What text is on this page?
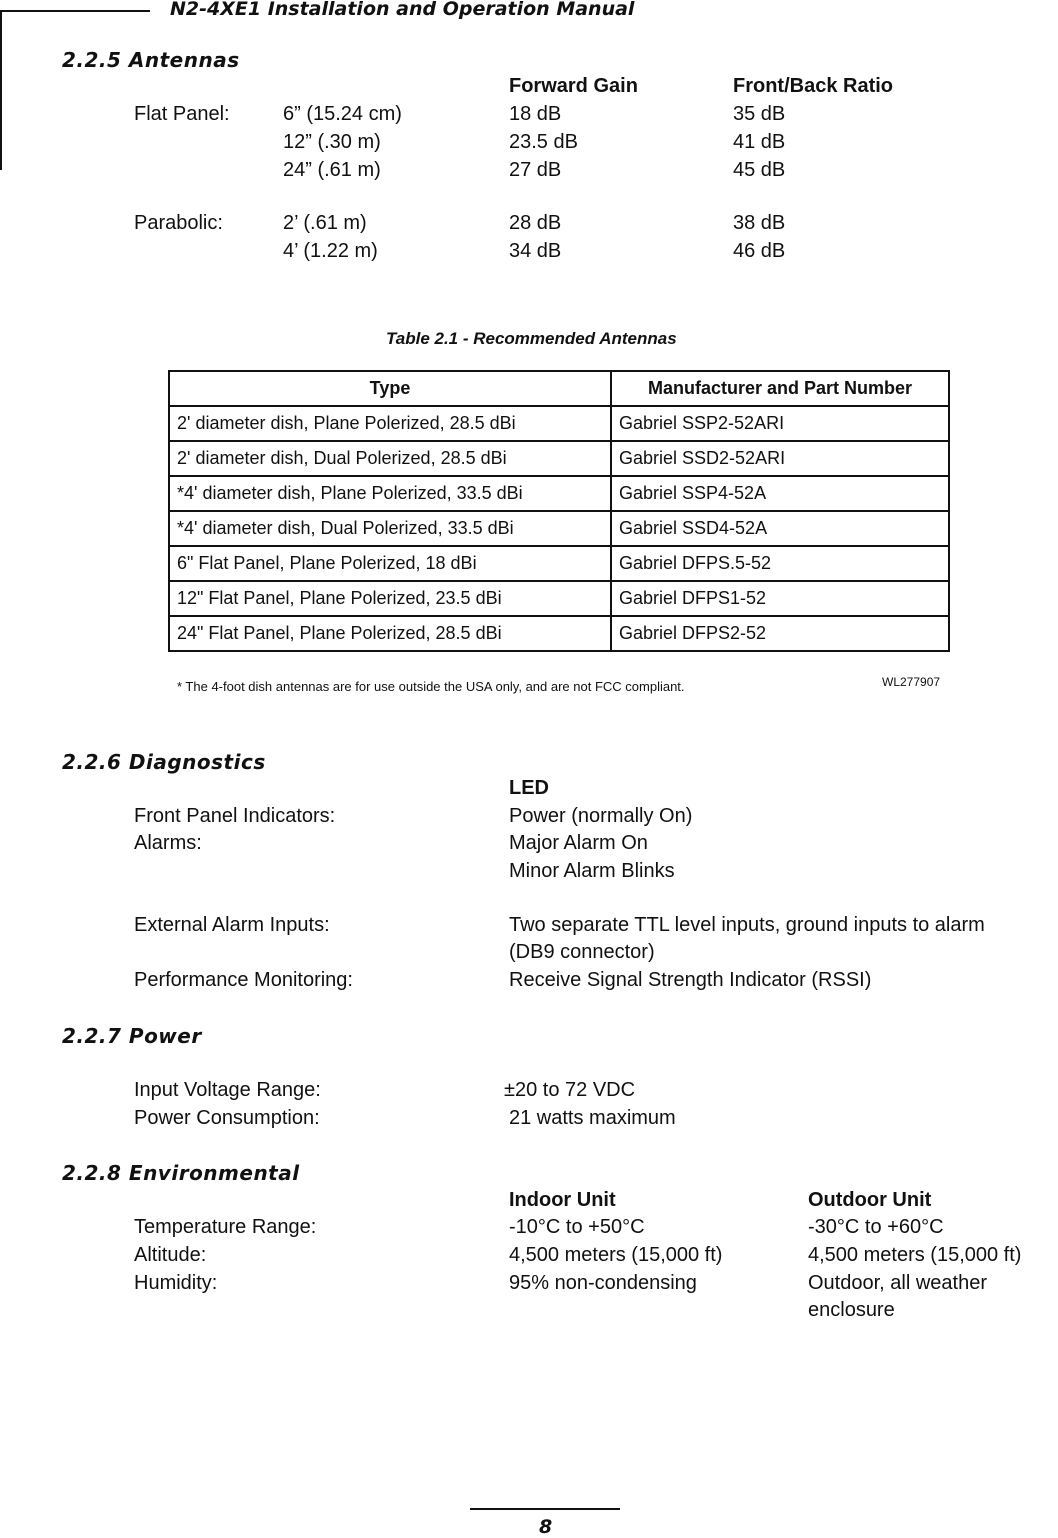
N2-4XE1 Installation and Operation Manual
2.2.5 Antennas
Forward Gain	Front/Back Ratio
Flat Panel:	6” (15.24 cm)	18 dB	35 dB
12” (.30 m)	23.5 dB	41 dB
24” (.61 m)	27 dB	45 dB
Parabolic:	2’ (.61 m)	28 dB	38 dB
4’ (1.22 m)	34 dB	46 dB
Table 2.1 - Recommended Antennas
Type	Manufacturer and Part Number
2' diameter dish, Plane Polerized, 28.5 dBi	Gabriel SSP2-52ARI
2' diameter dish, Dual Polerized, 28.5 dBi	Gabriel SSD2-52ARI
*4' diameter dish, Plane Polerized, 33.5 dBi	Gabriel SSP4-52A
*4' diameter dish, Dual Polerized, 33.5 dBi	Gabriel SSD4-52A
6" Flat Panel, Plane Polerized, 18 dBi	Gabriel DFPS.5-52
12" Flat Panel, Plane Polerized, 23.5 dBi	Gabriel DFPS1-52
24" Flat Panel, Plane Polerized, 28.5 dBi	Gabriel DFPS2-52
* The 4-foot dish antennas are for use outside the USA only, and are not FCC compliant.	WL277907
2.2.6 Diagnostics
LED
Front Panel Indicators:	Power (normally On)
Alarms:	Major Alarm On
Minor Alarm Blinks
External Alarm Inputs:	Two separate TTL level inputs, ground inputs to alarm
(DB9 connector)
Performance Monitoring:	Receive Signal Strength Indicator (RSSI)
2.2.7 Power
Input Voltage Range:	±20 to 72 VDC
Power Consumption:	21 watts maximum
2.2.8 Environmental
Indoor Unit	Outdoor Unit
Temperature Range:	-10°C to +50°C	-30°C to +60°C
Altitude:	4,500 meters (15,000 ft)	4,500 meters (15,000 ft)
Humidity:	95% non-condensing	Outdoor, all weather
enclosure
8
